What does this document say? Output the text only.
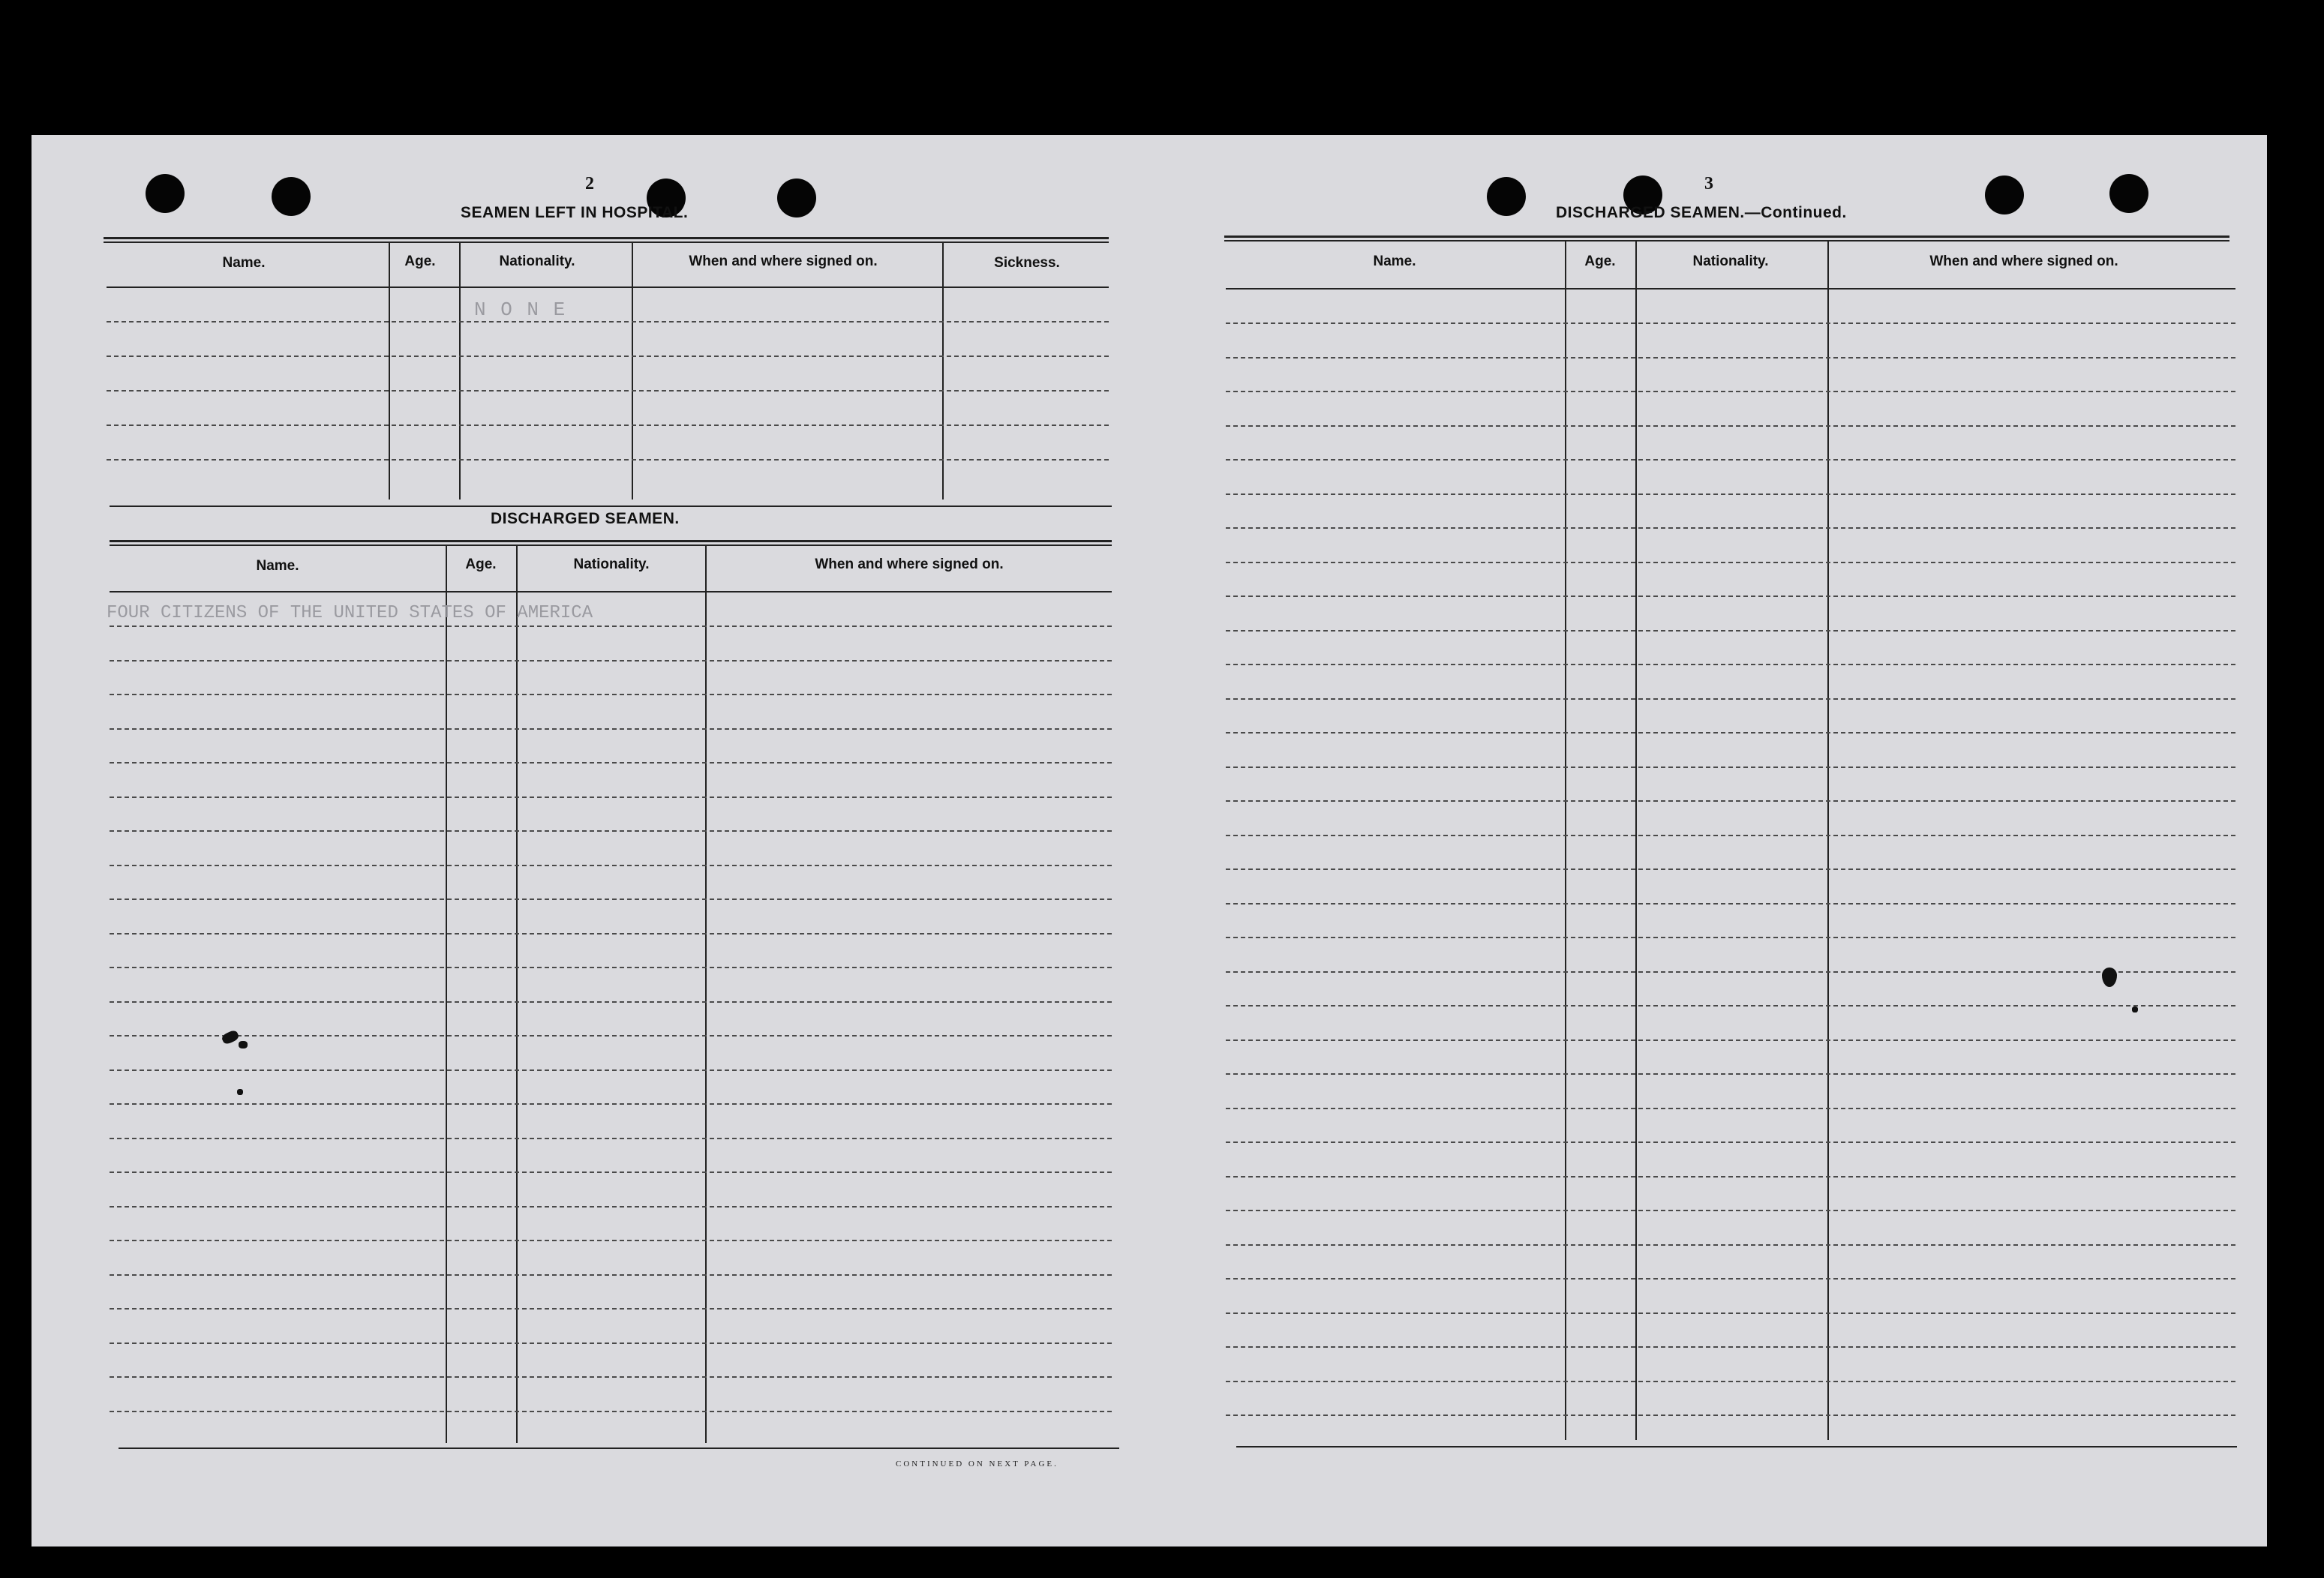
2
SEAMEN LEFT IN HOSPITAL.
Name.	Age.	Nationality.	When and where signed on.	Sickness.
N O N E
DISCHARGED SEAMEN.
Name.	Age.	Nationality.	When and where signed on.
FOUR CITIZENS OF THE UNITED STATES OF AMERICA
CONTINUED ON NEXT PAGE.
3
DISCHARGED SEAMEN.—Continued.
Name.	Age.	Nationality.	When and where signed on.
